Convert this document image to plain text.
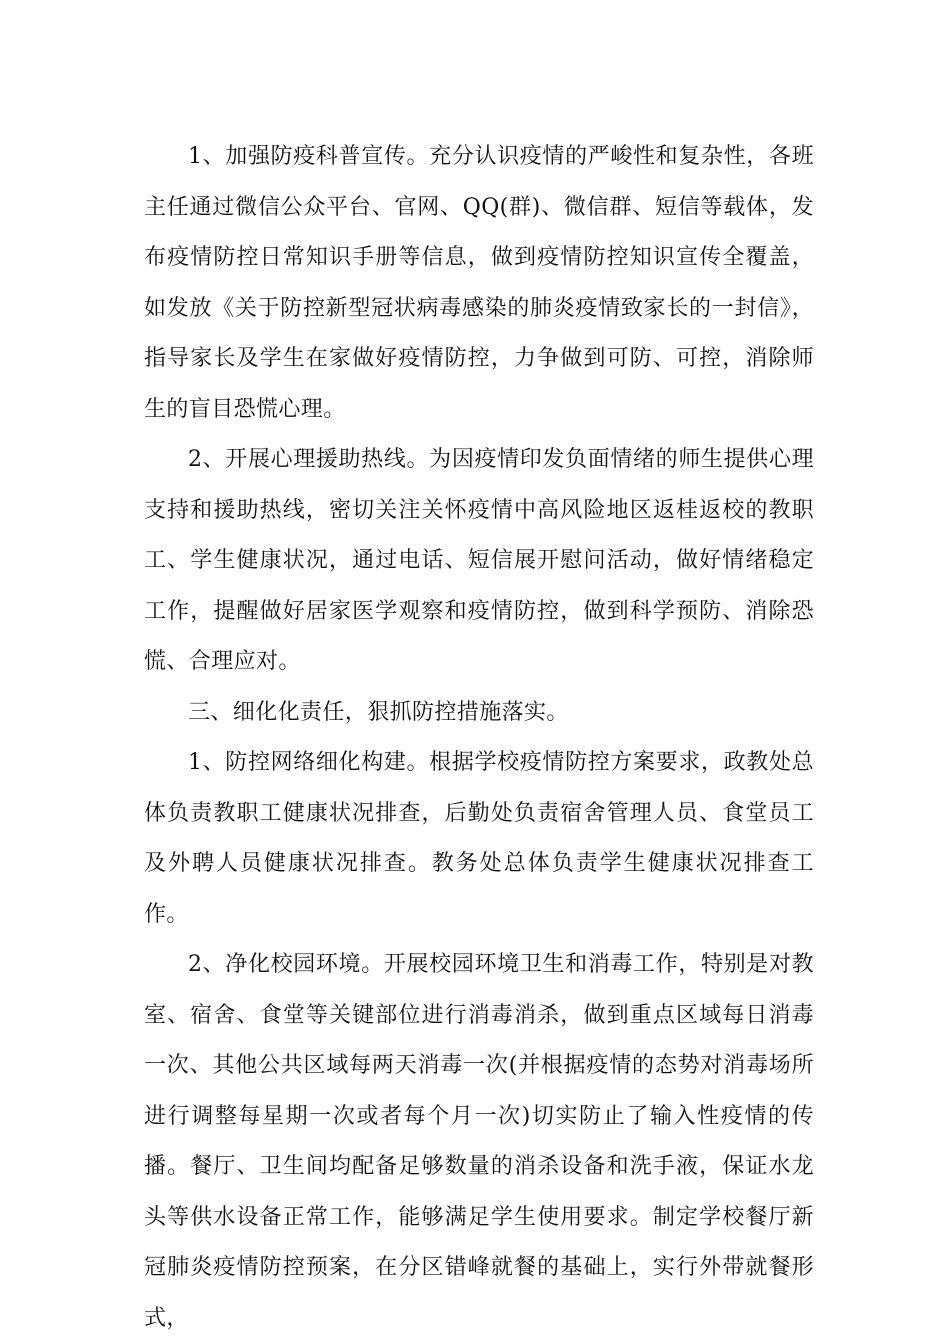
1、加强防疫科普宣传。充分认识疫情的严峻性和复杂性，各班主任通过微信公众平台、官网、QQ(群)、微信群、短信等载体，发布疫情防控日常知识手册等信息，做到疫情防控知识宣传全覆盖，如发放《关于防控新型冠状病毒感染的肺炎疫情致家长的一封信》，指导家长及学生在家做好疫情防控，力争做到可防、可控，消除师生的盲目恐慌心理。

2、开展心理援助热线。为因疫情印发负面情绪的师生提供心理支持和援助热线，密切关注关怀疫情中高风险地区返桂返校的教职工、学生健康状况，通过电话、短信展开慰问活动，做好情绪稳定工作，提醒做好居家医学观察和疫情防控，做到科学预防、消除恐慌、合理应对。

三、细化化责任，狠抓防控措施落实。

1、防控网络细化构建。根据学校疫情防控方案要求，政教处总体负责教职工健康状况排查，后勤处负责宿舍管理人员、食堂员工及外聘人员健康状况排查。教务处总体负责学生健康状况排查工作。

2、净化校园环境。开展校园环境卫生和消毒工作，特别是对教室、宿舍、食堂等关键部位进行消毒消杀，做到重点区域每日消毒一次、其他公共区域每两天消毒一次(并根据疫情的态势对消毒场所进行调整每星期一次或者每个月一次)切实防止了输入性疫情的传播。餐厅、卫生间均配备足够数量的消杀设备和洗手液，保证水龙头等供水设备正常工作，能够满足学生使用要求。制定学校餐厅新冠肺炎疫情防控预案，在分区错峰就餐的基础上，实行外带就餐形式，
